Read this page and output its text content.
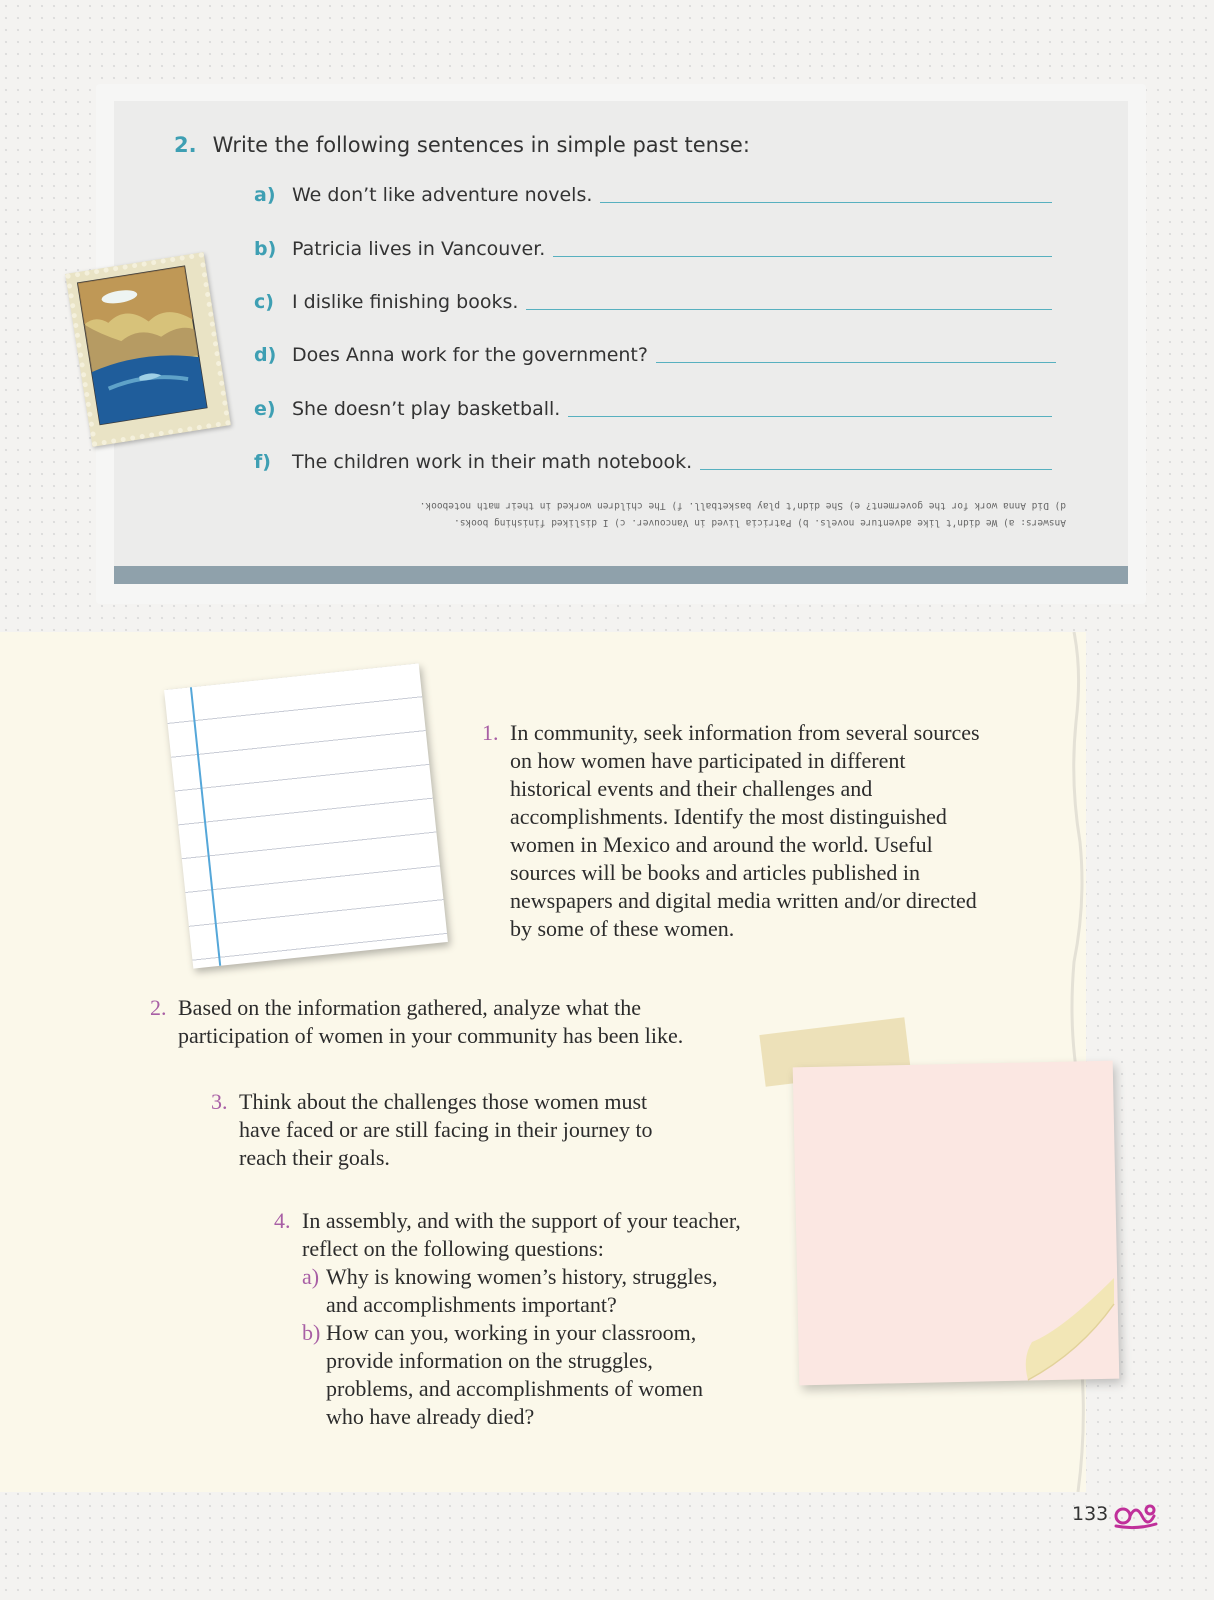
2. Write the following sentences in simple past tense:
a) We don’t like adventure novels.
b) Patricia lives in Vancouver.
c) I dislike finishing books.
d) Does Anna work for the government?
e) She doesn’t play basketball.
f)	The children work in their math notebook.
Answers: a) We didn’t like adventure novels. b) Patricia lived in Vancouver. c) I disliked finishing books.
d) Did Anna work for the goverment? e) She didn’t play basketball. f) The children worked in their math notebook.
1. In community, seek information from several sources on how women have participated in different historical events and their challenges and accomplishments. Identify the most distinguished women in Mexico and around the world. Useful sources will be books and articles published in newspapers and digital media written and/or directed by some of these women.
2. Based on the information gathered, analyze what the participation of women in your community has been like.
3. Think about the challenges those women must have faced or are still facing in their journey to reach their goals.
4. In assembly, and with the support of your teacher, reflect on the following questions:
a) Why is knowing women’s history, struggles, and accomplishments important?
b) How can you, working in your classroom, provide information on the struggles, problems, and accomplishments of women who have already died?
133
